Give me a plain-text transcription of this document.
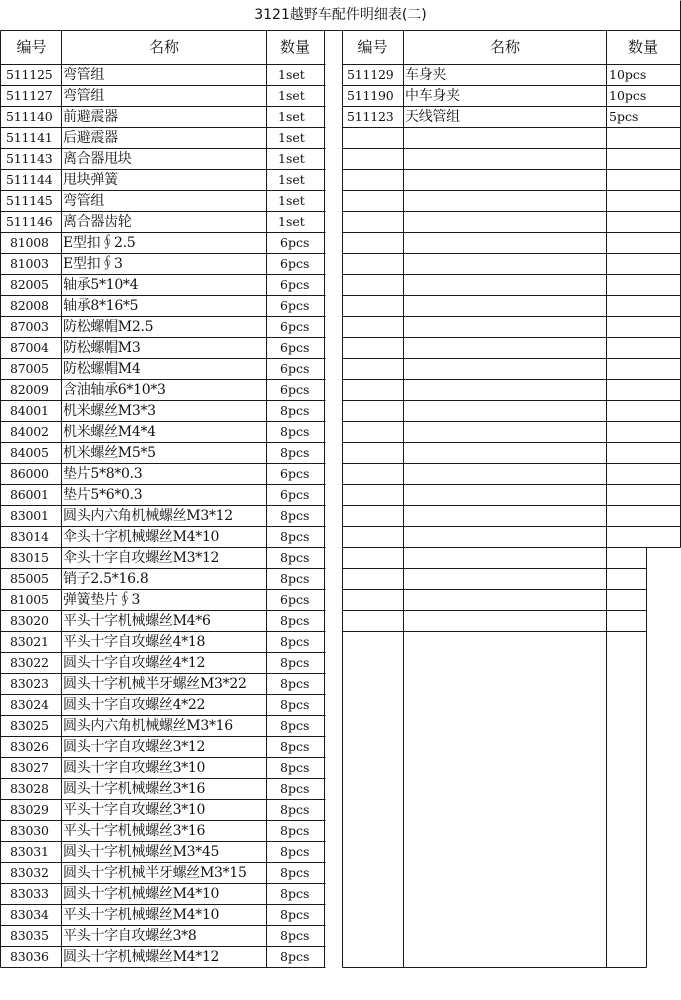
3121越野车配件明细表(二)
编号	名称	数量	编号	名称	数量
511125 弯管组	1set
511127 弯管组	1set
511140 前避震器	1set
511141 后避震器	1set
511143 离合器甩块	1set
511144 甩块弹簧	1set
511145 弯管组	1set
511146 离合器齿轮	1set
81008	E型扣∮2.5	6pcs
81003	E型扣∮3	6pcs
82005	轴承5*10*4	6pcs
82008	轴承8*16*5	6pcs
87003	防松螺帽M2.5	6pcs
87004	防松螺帽M3	6pcs
87005	防松螺帽M4	6pcs
82009	含油轴承6*10*3	6pcs
84001	机米螺丝M3*3	8pcs
84002	机米螺丝M4*4	8pcs
84005	机米螺丝M5*5	8pcs
86000	垫片5*8*0.3	6pcs
86001	垫片5*6*0.3	6pcs
83001	圆头内六角机械螺丝M3*12	8pcs
83014	伞头十字机械螺丝M4*10	8pcs
83015	伞头十字自攻螺丝M3*12	8pcs
85005	销子2.5*16.8	8pcs
81005	弹簧垫片∮3	6pcs
83020	平头十字机械螺丝M4*6	8pcs
83021	平头十字自攻螺丝4*18	8pcs
83022	圆头十字自攻螺丝4*12	8pcs
83023	圆头十字机械半牙螺丝M3*22	8pcs
83024	圆头十字自攻螺丝4*22	8pcs
83025	圆头内六角机械螺丝M3*16	8pcs
83026	圆头十字自攻螺丝3*12	8pcs
83027	圆头十字自攻螺丝3*10	8pcs
83028	圆头十字机械螺丝3*16	8pcs
83029	平头十字自攻螺丝3*10	8pcs
83030	平头十字机械螺丝3*16	8pcs
83031	圆头十字机械螺丝M3*45	8pcs
83032	圆头十字机械半牙螺丝M3*15	8pcs
83033	圆头十字机械螺丝M4*10	8pcs
83034	平头十字机械螺丝M4*10	8pcs
83035	平头十字自攻螺丝3*8	8pcs
83036	圆头十字机械螺丝M4*12	8pcs
511129 车身夹	10pcs
511190 中车身夹	10pcs
511123 天线管组	5pcs
